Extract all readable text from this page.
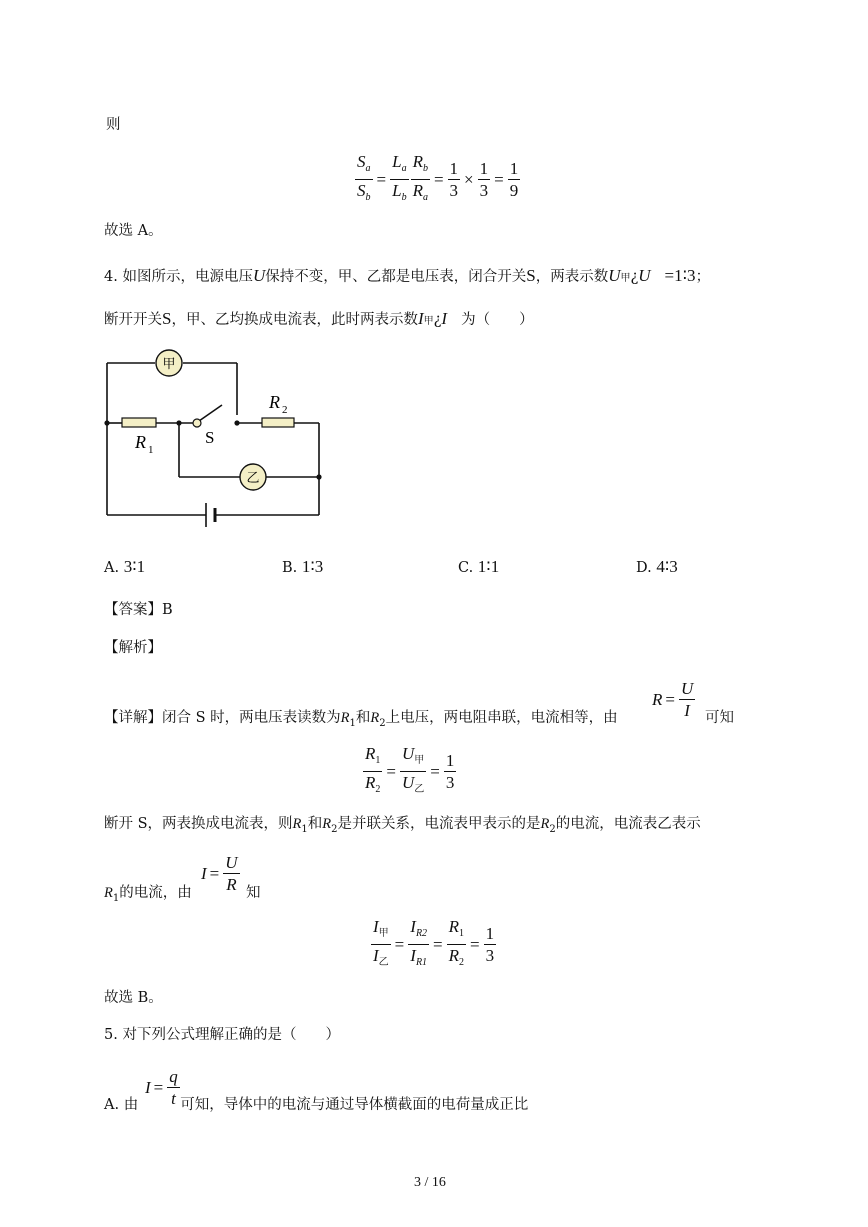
则
$\frac{S_a}{S_b} = \frac{L_a}{L_b} \frac{R_b}{R_a} = \frac{1}{3} \times \frac{1}{3} = \frac{1}{9}$
故选 A。
4. 如图所示，电源电压U保持不变，甲、乙都是电压表，闭合开关S，两表示数U甲¿U =1∶3；
断开开关S，甲、乙均换成电流表，此时两表示数I甲¿I 为（　　）
甲
乙
R 1
R 2
S
A. 3∶1	B. 1∶3	C. 1∶1	D. 4∶3
【答案】B
【解析】
【详解】闭合 S 时，两电压表读数为$R_1$和$R_2$上电压，两电阻串联，电流相等，由
$R = \frac{U}{I}$ 可知
$\frac{R_1}{R_2} = \frac{U_甲}{U_乙} = \frac{1}{3}$
断开 S，两表换成电流表，则$R_1$和$R_2$是并联关系，电流表甲表示的是$R_2$的电流，电流表乙表示
$R_1$的电流，由
$I = \frac{U}{R}$ 知
$\frac{I_甲}{I_乙} = \frac{I_{R2}}{I_{R1}} = \frac{R_1}{R_2} = \frac{1}{3}$
故选 B。
5. 对下列公式理解正确的是（　　）
$I = \frac{q}{t}$
A. 由	可知，导体中的电流与通过导体横截面的电荷量成正比
3 / 16
